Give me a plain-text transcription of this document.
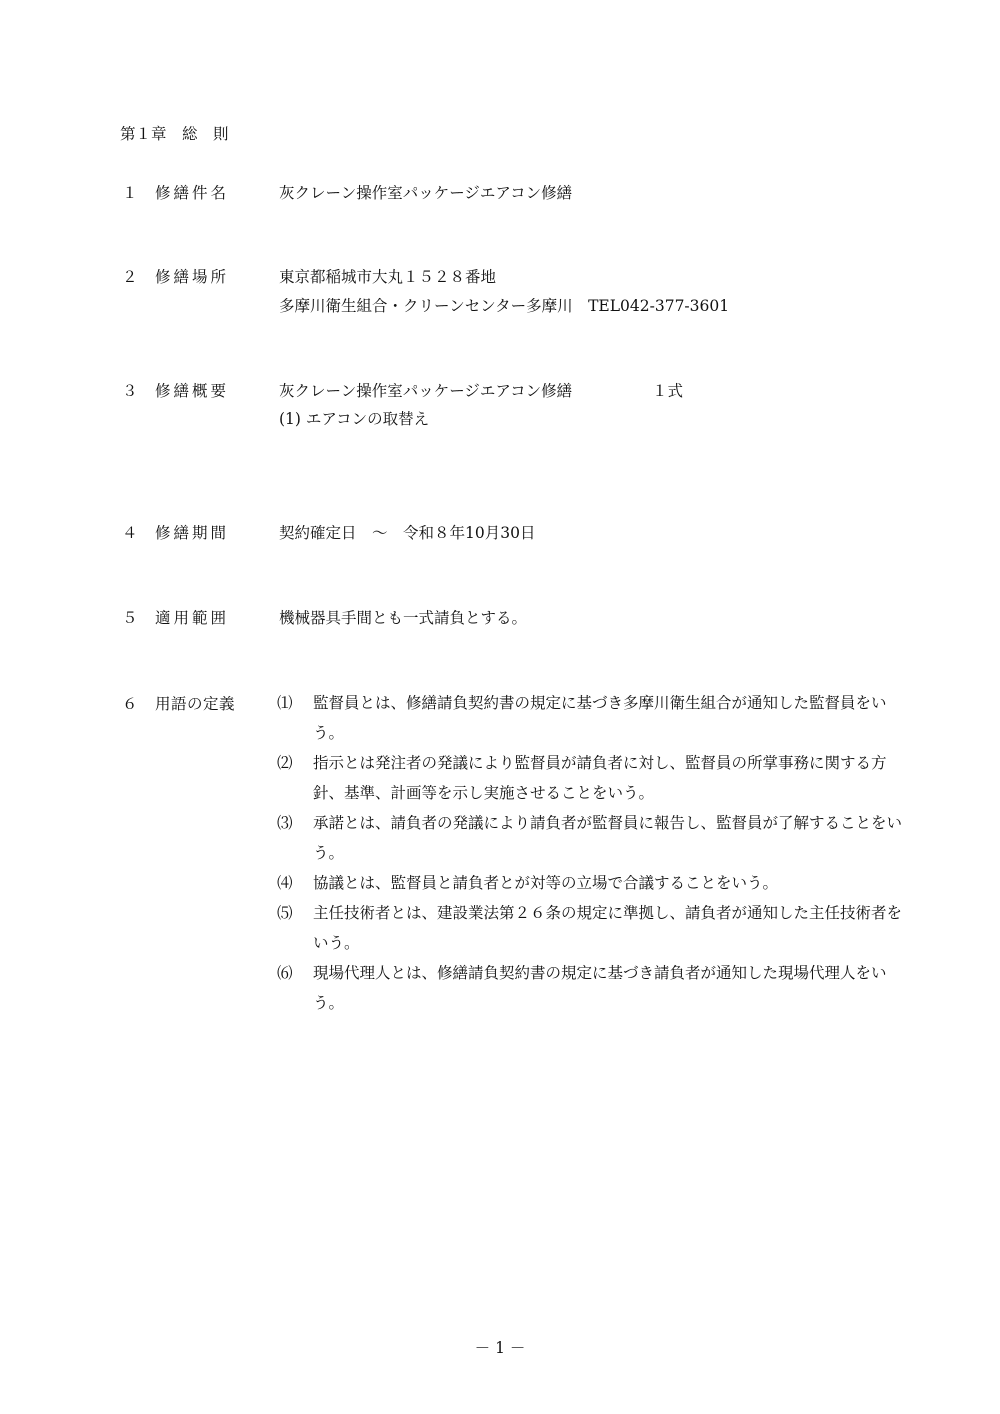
第１章　総　則
１ 修繕件名	灰クレーン操作室パッケージエアコン修繕
２ 修繕場所	東京都稲城市大丸１５２８番地
多摩川衛生組合・クリーンセンター多摩川　TEL042-377-3601
３ 修繕概要	灰クレーン操作室パッケージエアコン修繕	１式
(1) エアコンの取替え
４ 修繕期間	契約確定日　～　令和８年10月30日
５ 適用範囲	機械器具手間とも一式請負とする。
６ 用語の定義	⑴	監督員とは、修繕請負契約書の規定に基づき多摩川衛生組合が通知した監督員をいう。
⑵	指示とは発注者の発議により監督員が請負者に対し、監督員の所掌事務に関する方針、基準、計画等を示し実施させることをいう。
⑶	承諾とは、請負者の発議により請負者が監督員に報告し、監督員が了解することをいう。
⑷	協議とは、監督員と請負者とが対等の立場で合議することをいう。
⑸	主任技術者とは、建設業法第２６条の規定に準拠し、請負者が通知した主任技術者をいう。
⑹	現場代理人とは、修繕請負契約書の規定に基づき請負者が通知した現場代理人をいう。
－ 1 －
